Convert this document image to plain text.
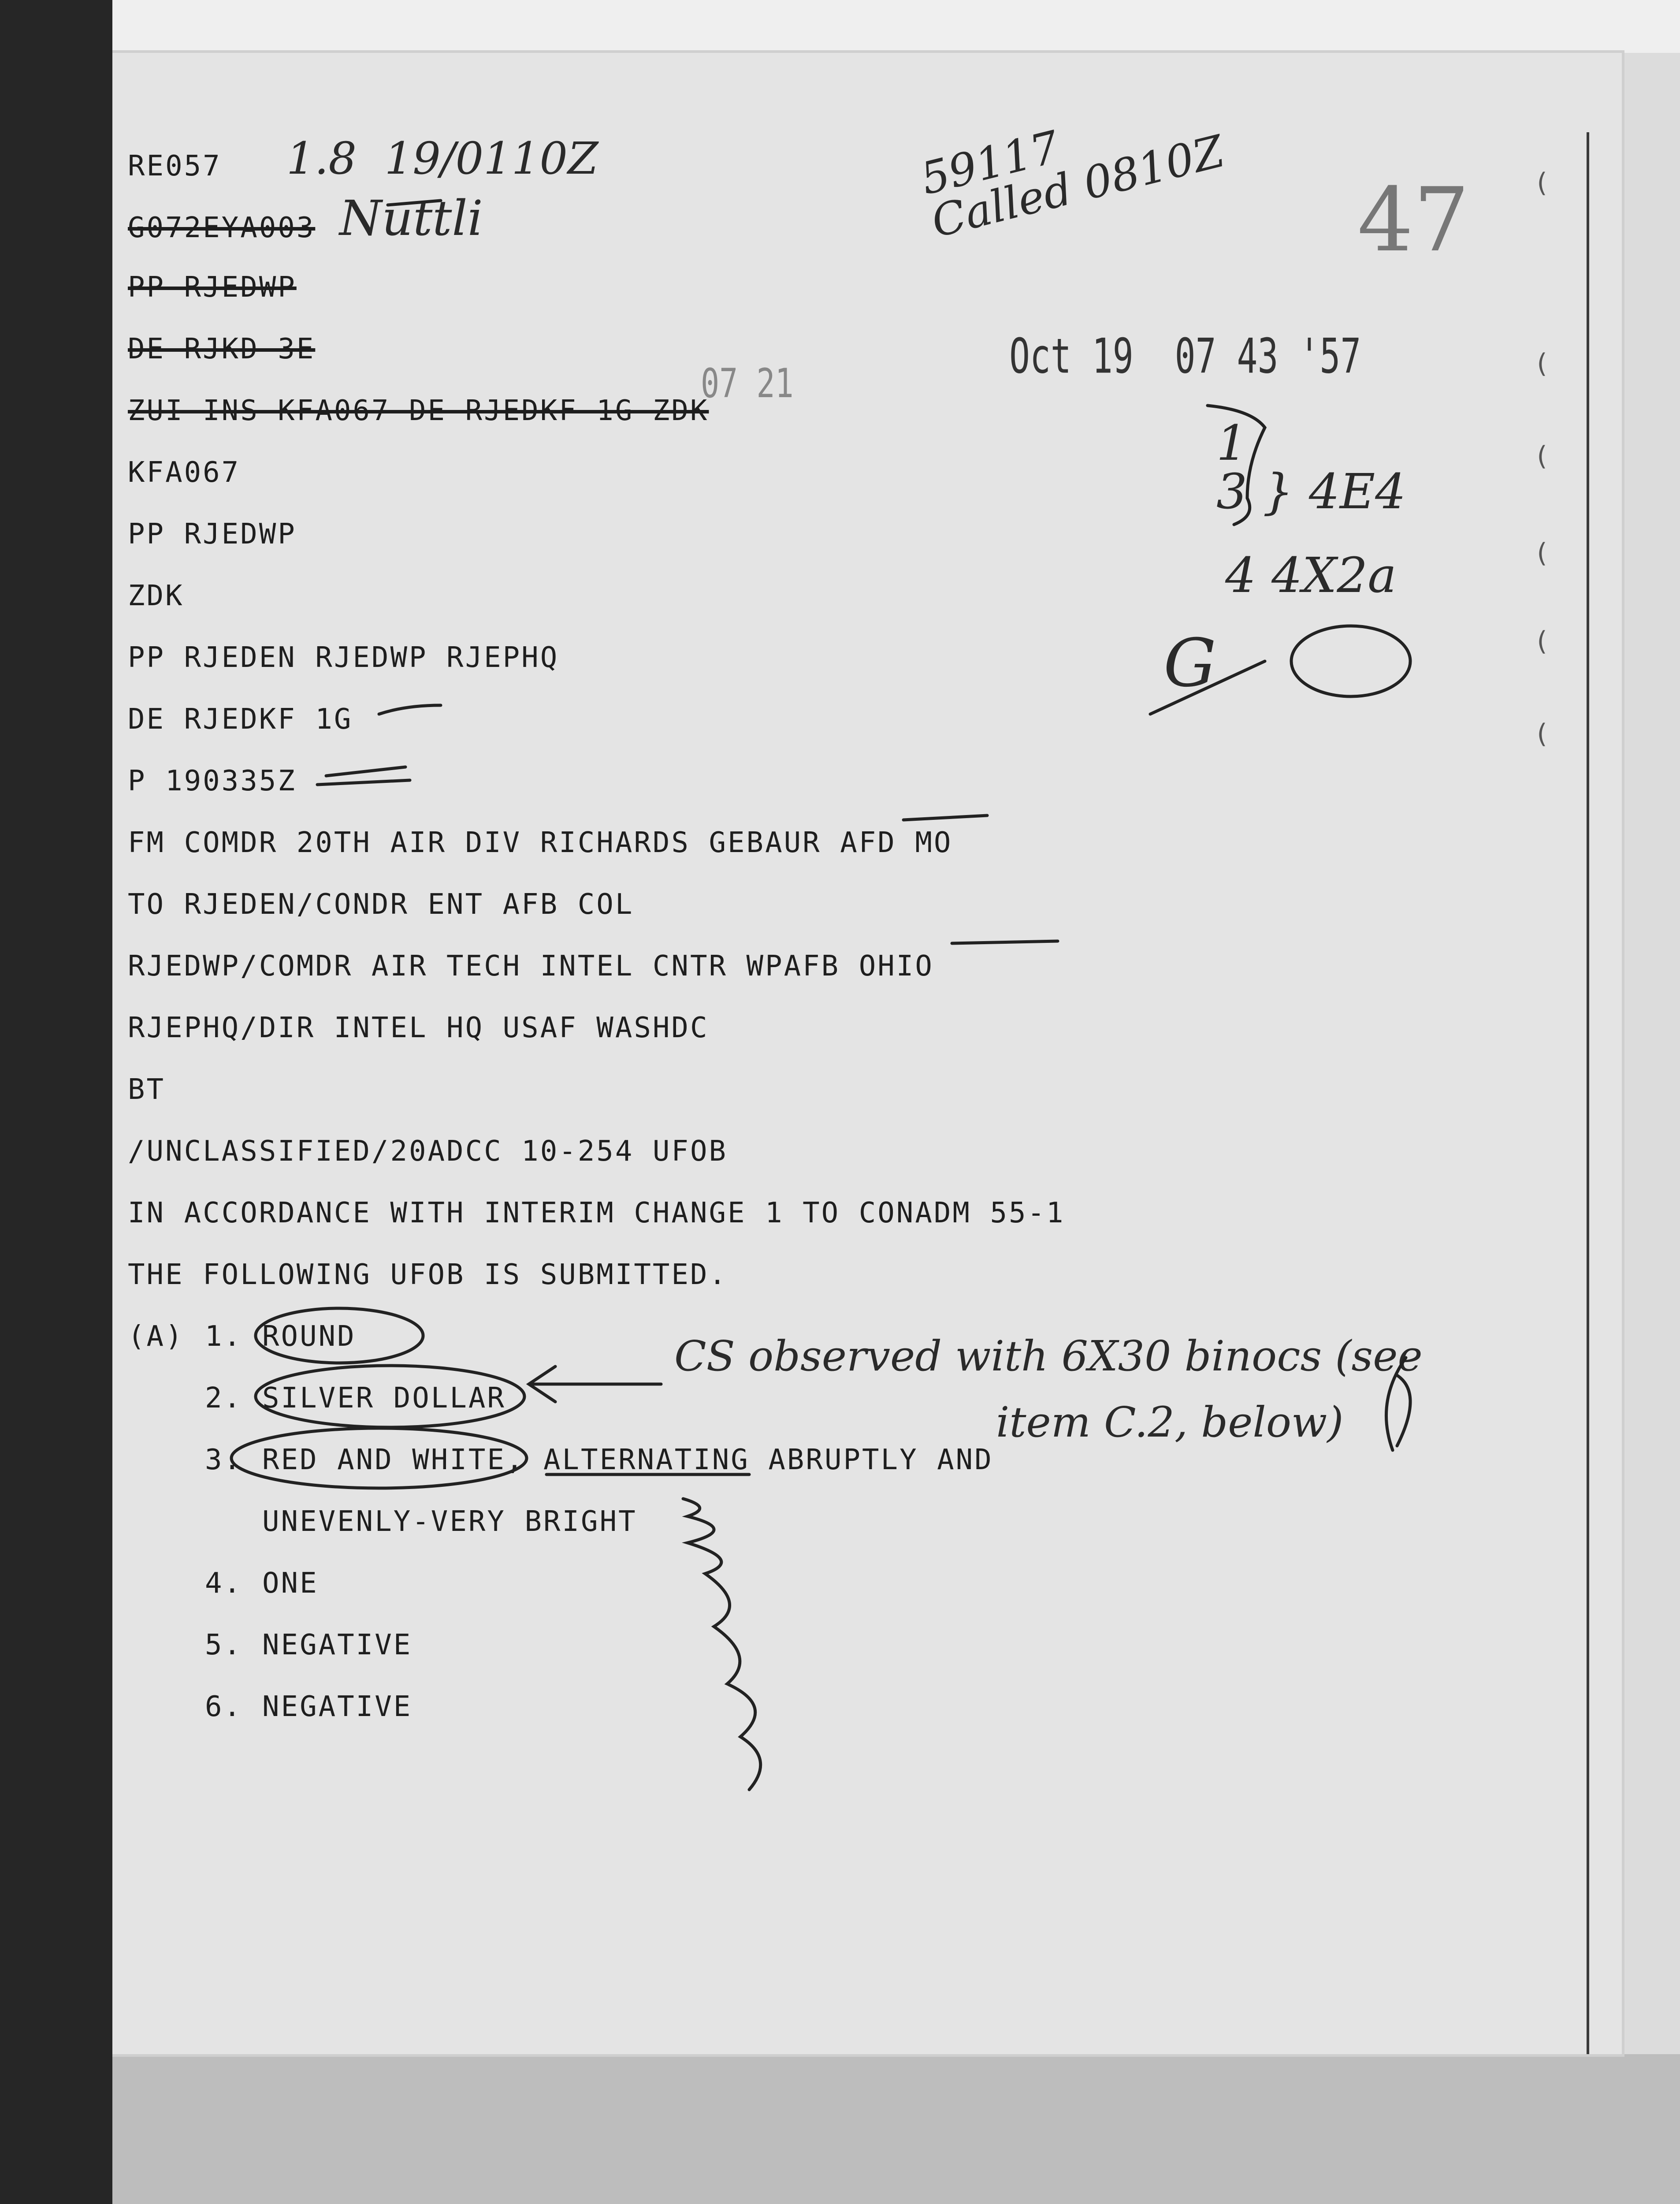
(
(
(
(
(
(
RE057
G072EYA003
PP RJEDWP
DE RJKD 3E
ZUI INS KFA067 DE RJEDKF 1G ZDK
KFA067
PP RJEDWP
ZDK
PP RJEDEN RJEDWP RJEPHQ
DE RJEDKF 1G
P 190335Z
FM COMDR 20TH AIR DIV RICHARDS GEBAUR AFD MO
TO RJEDEN/CONDR ENT AFB COL
RJEDWP/COMDR AIR TECH INTEL CNTR WPAFB OHIO
RJEPHQ/DIR INTEL HQ USAF WASHDC
BT
/UNCLASSIFIED/20ADCC 10-254 UFOB
IN ACCORDANCE WITH INTERIM CHANGE 1 TO CONADM 55-1
THE FOLLOWING UFOB IS SUBMITTED.
(A) 1. ROUND
2. SILVER DOLLAR
3. RED AND WHITE, ALTERNATING ABRUPTLY AND
UNEVENLY-VERY BRIGHT
4. ONE
5. NEGATIVE
6. NEGATIVE
Oct 19  07 43 '57
07 21
1.8  19/0110Z
Nuttli
59117
Called 0810Z 47
1
3 } 4E4
4 4X2a
G
CS observed with 6X30 binocs (see
item C.2, below)
